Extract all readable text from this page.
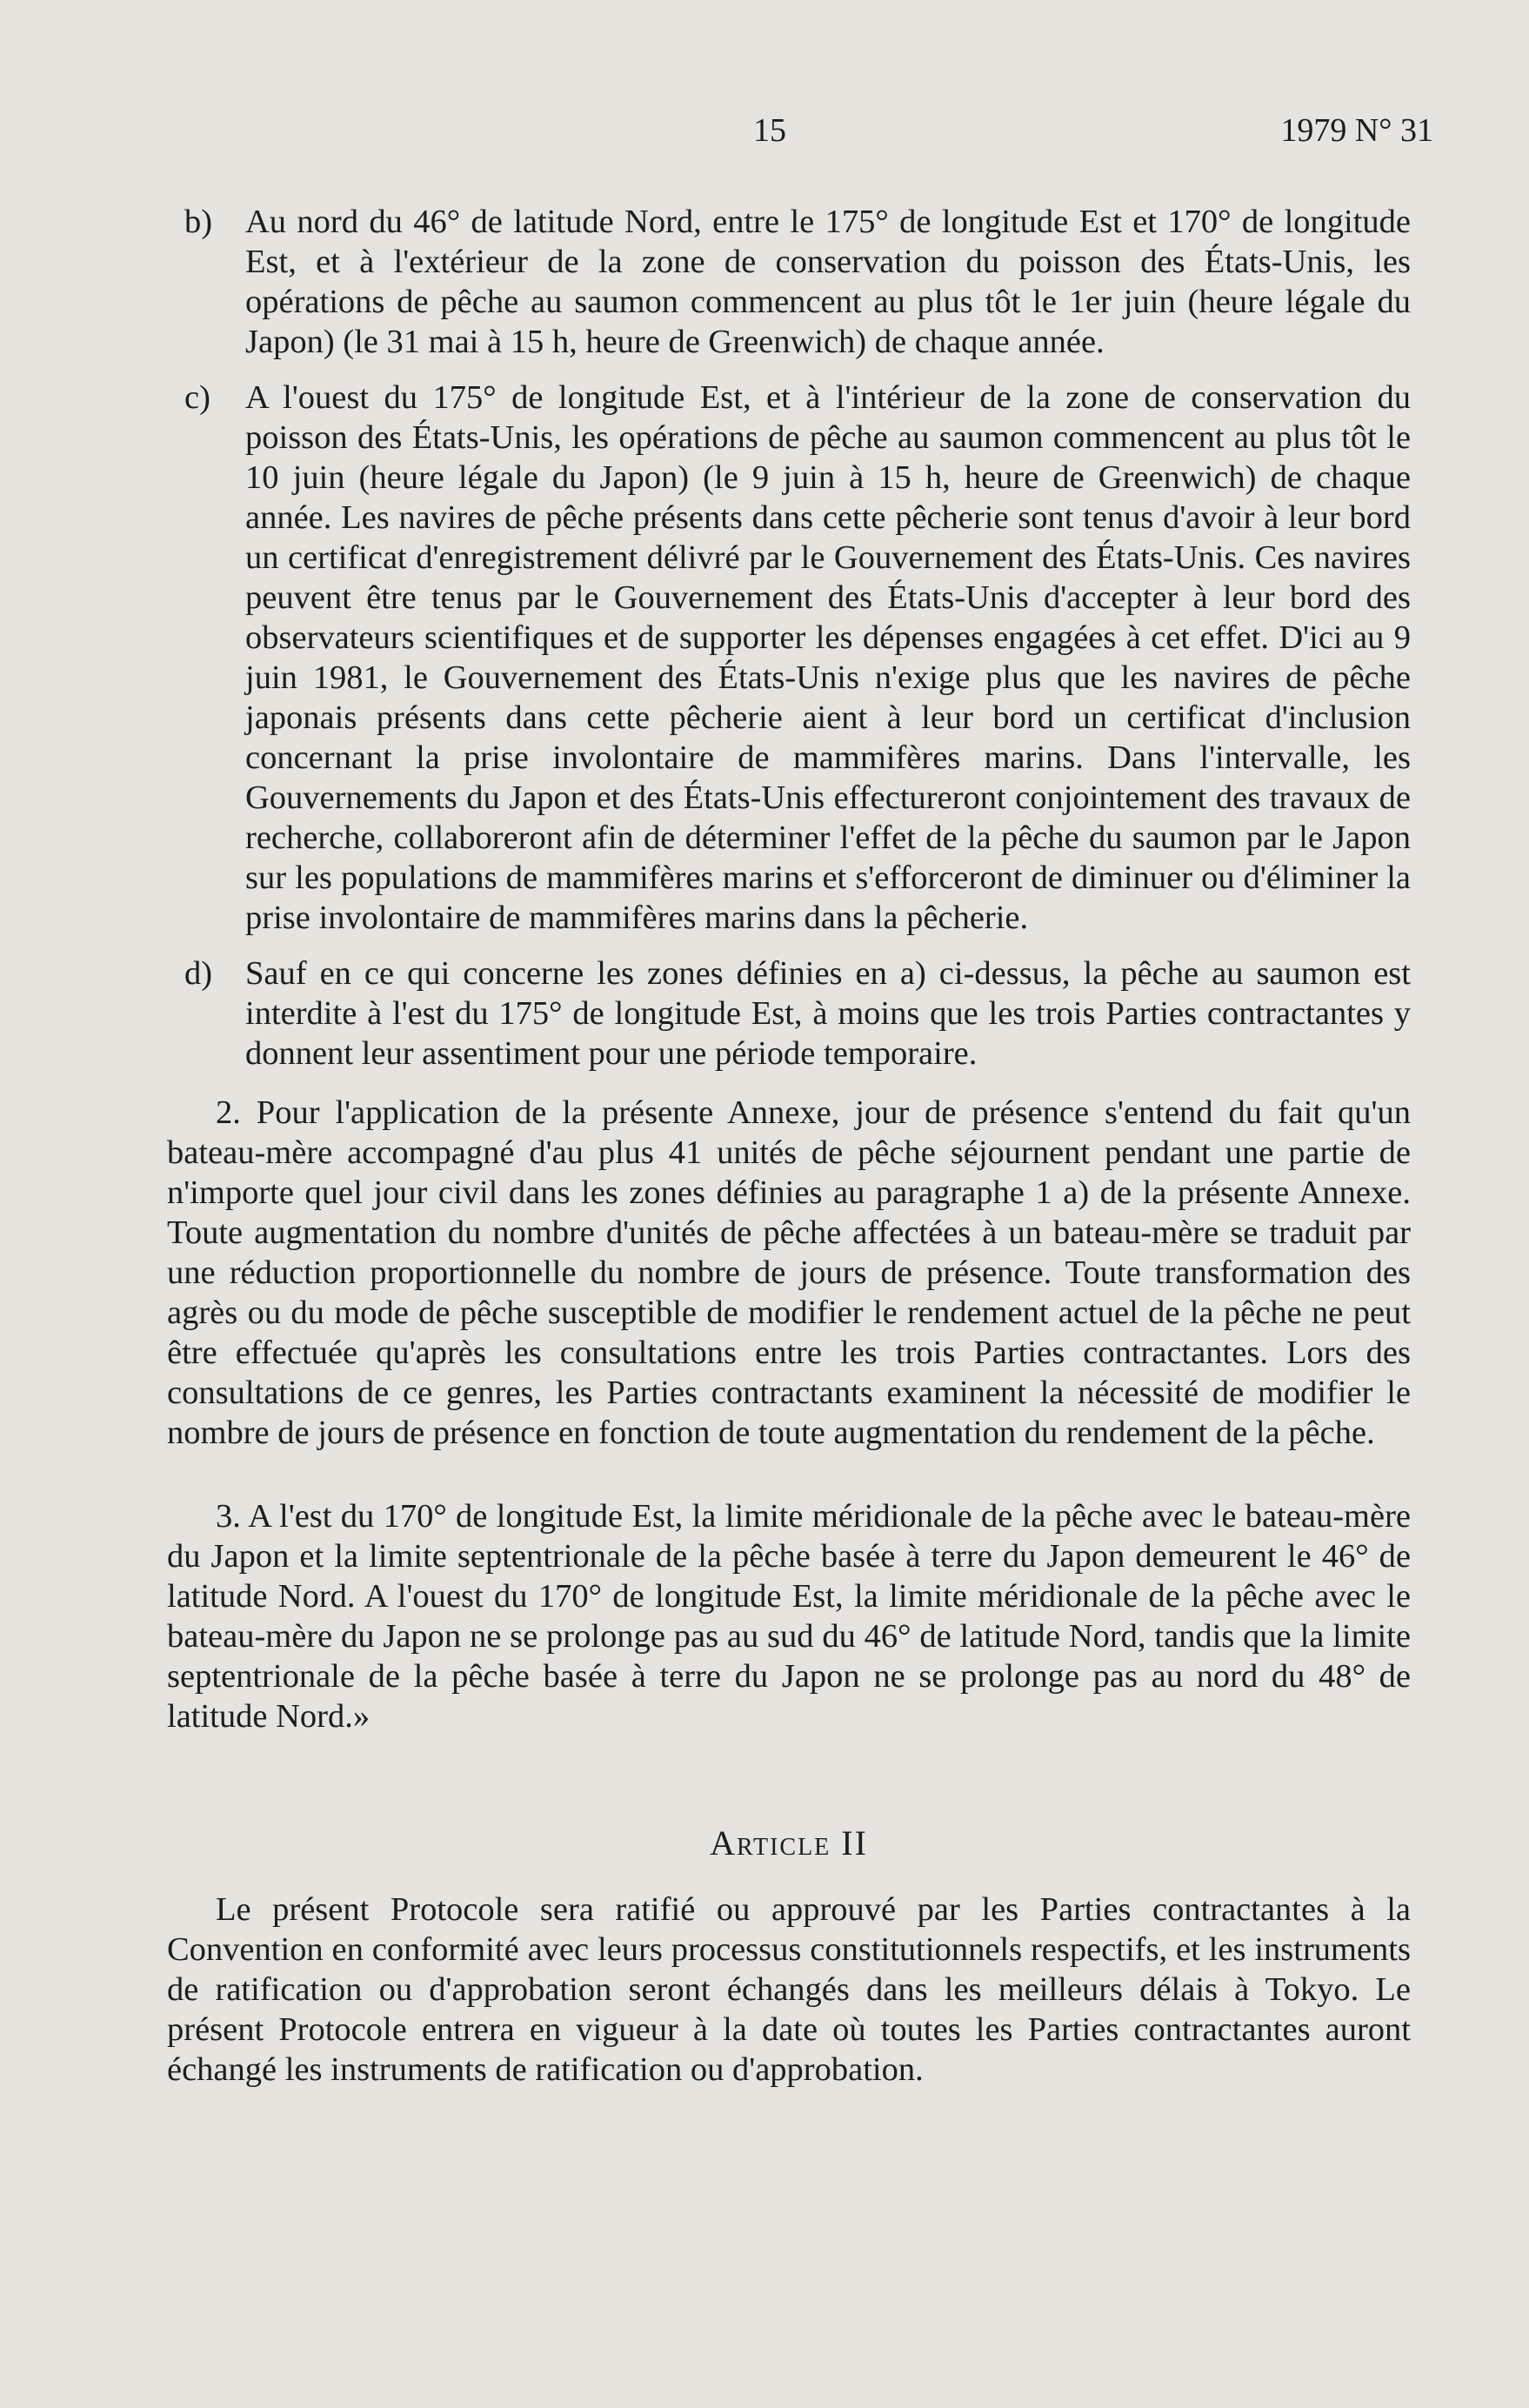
15	1979 N° 31
b) Au nord du 46° de latitude Nord, entre le 175° de longitude Est et 170° de longitude Est, et à l'extérieur de la zone de conservation du poisson des États-Unis, les opérations de pêche au saumon commencent au plus tôt le 1er juin (heure légale du Japon) (le 31 mai à 15 h, heure de Greenwich) de chaque année.
c) A l'ouest du 175° de longitude Est, et à l'intérieur de la zone de conservation du poisson des États-Unis, les opérations de pêche au saumon commencent au plus tôt le 10 juin (heure légale du Japon) (le 9 juin à 15 h, heure de Greenwich) de chaque année. Les navires de pêche présents dans cette pêcherie sont tenus d'avoir à leur bord un certificat d'enregistrement délivré par le Gouvernement des États-Unis. Ces navires peuvent être tenus par le Gouvernement des États-Unis d'accepter à leur bord des observateurs scientifiques et de supporter les dépenses engagées à cet effet. D'ici au 9 juin 1981, le Gouvernement des États-Unis n'exige plus que les navires de pêche japonais présents dans cette pêcherie aient à leur bord un certificat d'inclusion concernant la prise involontaire de mammifères marins. Dans l'intervalle, les Gouvernements du Japon et des États-Unis effectureront conjointement des travaux de recherche, collaboreront afin de déterminer l'effet de la pêche du saumon par le Japon sur les populations de mammifères marins et s'efforceront de diminuer ou d'éliminer la prise involontaire de mammifères marins dans la pêcherie.
d) Sauf en ce qui concerne les zones définies en a) ci-dessus, la pêche au saumon est interdite à l'est du 175° de longitude Est, à moins que les trois Parties contractantes y donnent leur assentiment pour une période temporaire.

2. Pour l'application de la présente Annexe, jour de présence s'entend du fait qu'un bateau-mère accompagné d'au plus 41 unités de pêche séjournent pendant une partie de n'importe quel jour civil dans les zones définies au paragraphe 1 a) de la présente Annexe. Toute augmentation du nombre d'unités de pêche affectées à un bateau-mère se traduit par une réduction proportionnelle du nombre de jours de présence. Toute transformation des agrès ou du mode de pêche susceptible de modifier le rendement actuel de la pêche ne peut être effectuée qu'après les consultations entre les trois Parties contractantes. Lors des consultations de ce genres, les Parties contractants examinent la nécessité de modifier le nombre de jours de présence en fonction de toute augmentation du rendement de la pêche.

3. A l'est du 170° de longitude Est, la limite méridionale de la pêche avec le bateau-mère du Japon et la limite septentrionale de la pêche basée à terre du Japon demeurent le 46° de latitude Nord. A l'ouest du 170° de longitude Est, la limite méridionale de la pêche avec le bateau-mère du Japon ne se prolonge pas au sud du 46° de latitude Nord, tandis que la limite septentrionale de la pêche basée à terre du Japon ne se prolonge pas au nord du 48° de latitude Nord.»

Article II

Le présent Protocole sera ratifié ou approuvé par les Parties contractantes à la Convention en conformité avec leurs processus constitutionnels respectifs, et les instruments de ratification ou d'approbation seront échangés dans les meilleurs délais à Tokyo. Le présent Protocole entrera en vigueur à la date où toutes les Parties contractantes auront échangé les instruments de ratification ou d'approbation.
